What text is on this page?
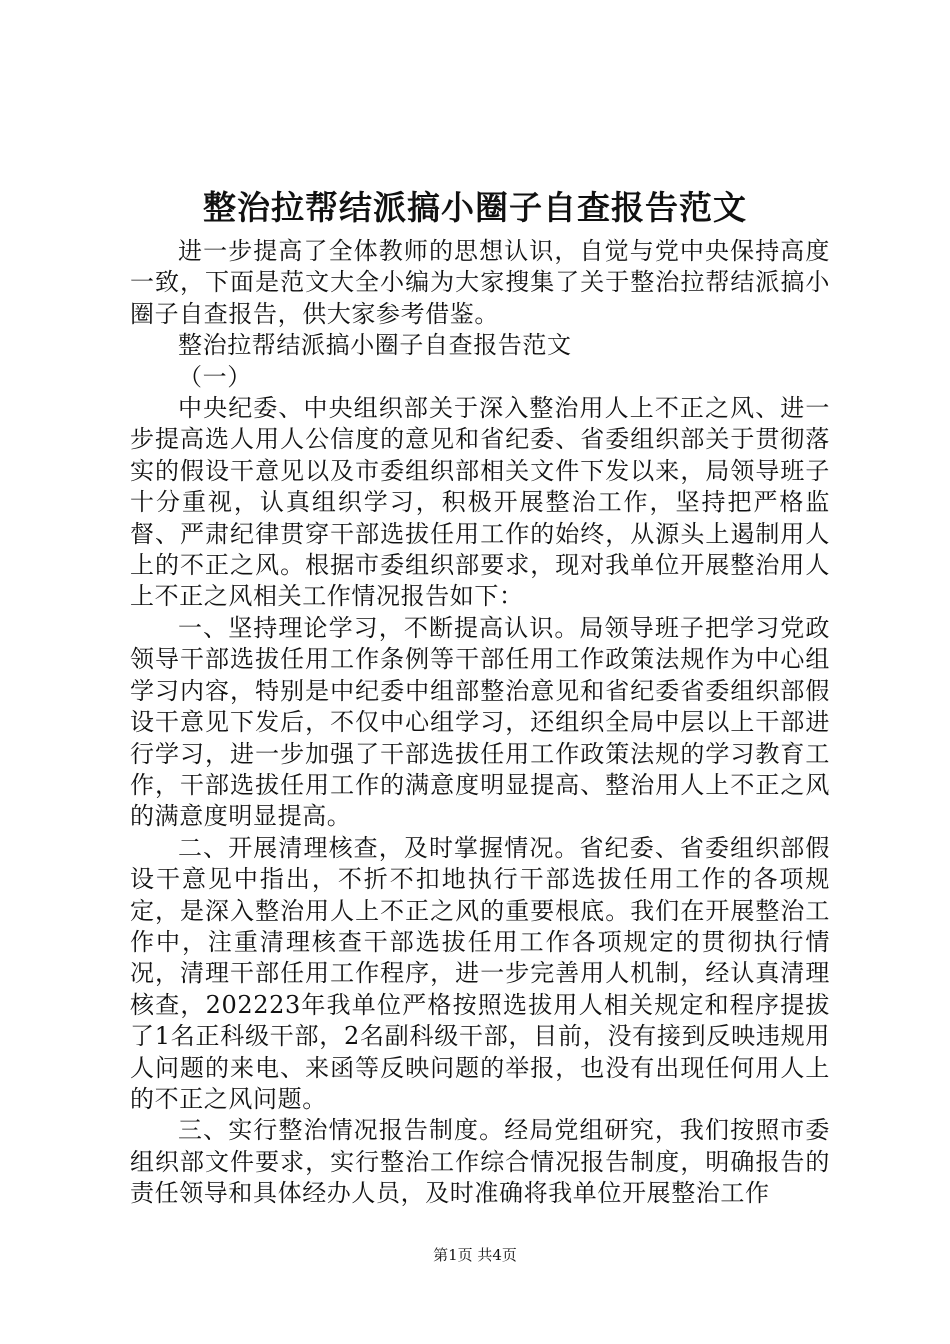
整治拉帮结派搞小圈子自查报告范文

进一步提高了全体教师的思想认识，自觉与党中央保持高度一致，下面是范文大全小编为大家搜集了关于整治拉帮结派搞小圈子自查报告，供大家参考借鉴。

整治拉帮结派搞小圈子自查报告范文

（一）

中央纪委、中央组织部关于深入整治用人上不正之风、进一步提高选人用人公信度的意见和省纪委、省委组织部关于贯彻落实的假设干意见以及市委组织部相关文件下发以来，局领导班子十分重视，认真组织学习，积极开展整治工作，坚持把严格监督、严肃纪律贯穿干部选拔任用工作的始终，从源头上遏制用人上的不正之风。根据市委组织部要求，现对我单位开展整治用人上不正之风相关工作情况报告如下：

一、坚持理论学习，不断提高认识。局领导班子把学习党政领导干部选拔任用工作条例等干部任用工作政策法规作为中心组学习内容，特别是中纪委中组部整治意见和省纪委省委组织部假设干意见下发后，不仅中心组学习，还组织全局中层以上干部进行学习，进一步加强了干部选拔任用工作政策法规的学习教育工作，干部选拔任用工作的满意度明显提高、整治用人上不正之风的满意度明显提高。

二、开展清理核查，及时掌握情况。省纪委、省委组织部假设干意见中指出，不折不扣地执行干部选拔任用工作的各项规定，是深入整治用人上不正之风的重要根底。我们在开展整治工作中，注重清理核查干部选拔任用工作各项规定的贯彻执行情况，清理干部任用工作程序，进一步完善用人机制，经认真清理核查，202223年我单位严格按照选拔用人相关规定和程序提拔了1名正科级干部，2名副科级干部，目前，没有接到反映违规用人问题的来电、来函等反映问题的举报，也没有出现任何用人上的不正之风问题。

三、实行整治情况报告制度。经局党组研究，我们按照市委组织部文件要求，实行整治工作综合情况报告制度，明确报告的责任领导和具体经办人员，及时准确将我单位开展整治工作

第1页 共4页
